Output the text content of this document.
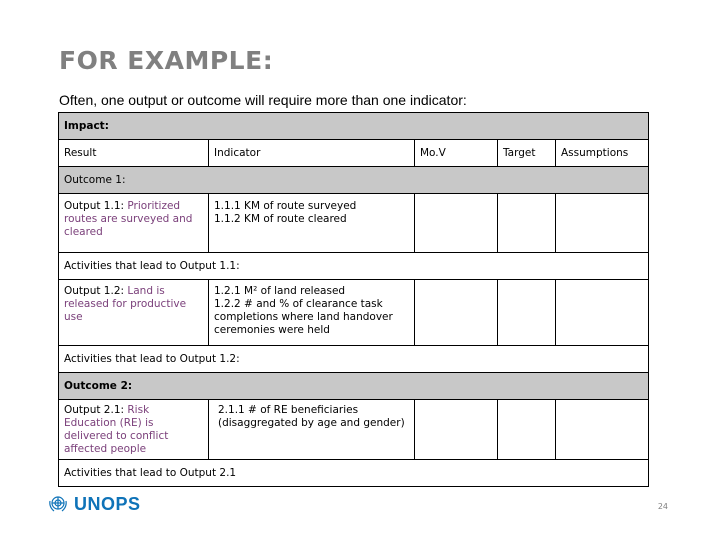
FOR EXAMPLE:
Often, one output or outcome will require more than one indicator:
Impact:				
Result	Indicator	Mo.V	Target	Assumptions
Outcome 1:				
Output 1.1: Prioritized routes are surveyed and cleared	1.1.1 KM of route surveyed
1.1.2 KM of route cleared			

Activities that lead to Output 1.1:				
Output 1.2: Land is released for productive use	1.2.1 M² of land released
1.2.2 # and % of clearance task completions where land handover ceremonies were held			

Activities that lead to Output 1.2:				
Outcome 2:				
Output 2.1: Risk Education (RE) is delivered to conflict affected people	2.1.1 # of RE beneficiaries (disaggregated by age and gender)			

Activities that lead to Output 2.1				
UNOPS	24
